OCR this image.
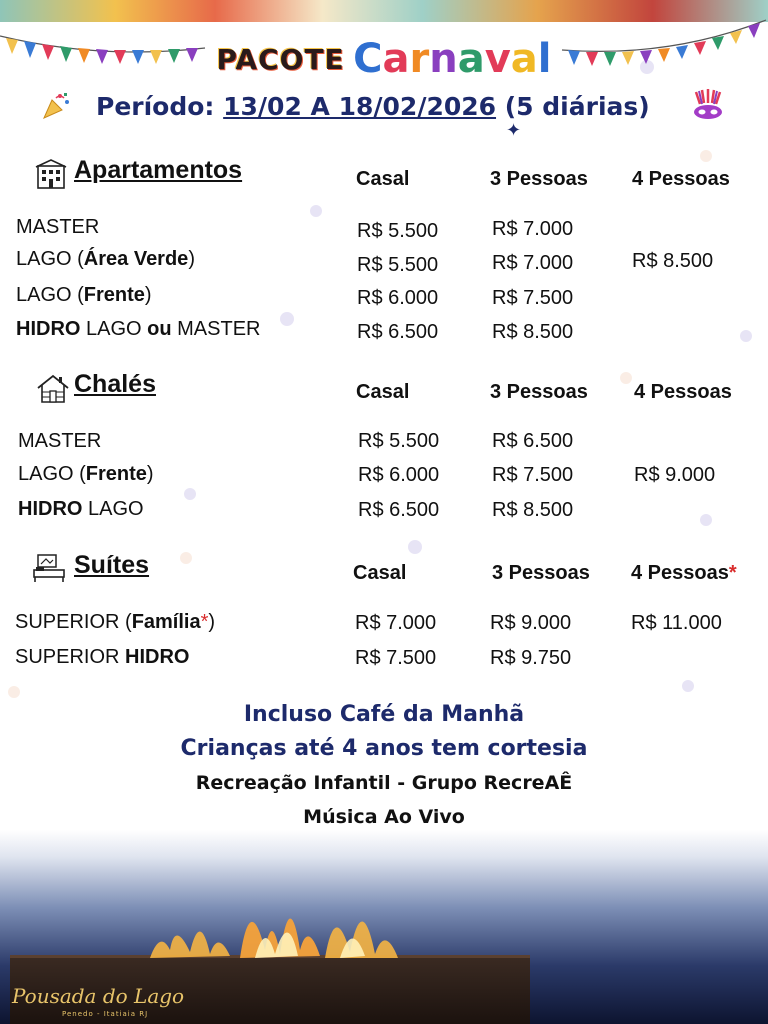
PACOTE Carnaval
Período: 13/02 A 18/02/2026 (5 diárias)
✦
Apartamentos	Casal	3 Pessoas 4 Pessoas
MASTER	R$ 5.500	R$ 7.000
LAGO (Área Verde)	R$ 5.500	R$ 7.000	R$ 8.500
LAGO (Frente)	R$ 6.000	R$ 7.500
HIDRO LAGO ou MASTER	R$ 6.500	R$ 8.500
Chalés	Casal	3 Pessoas 4 Pessoas
MASTER	R$ 5.500	R$ 6.500
LAGO (Frente)	R$ 6.000	R$ 7.500	R$ 9.000
HIDRO LAGO	R$ 6.500	R$ 8.500
Suítes	Casal	3 Pessoas 4 Pessoas*
SUPERIOR (Família*)	R$ 7.000	R$ 9.000	R$ 11.000
SUPERIOR HIDRO	R$ 7.500	R$ 9.750
Incluso Café da Manhã
Crianças até 4 anos tem cortesia
Recreação Infantil - Grupo RecreAÊ
Música Ao Vivo
Pousada do Lago
Penedo - Itatiaia RJ
